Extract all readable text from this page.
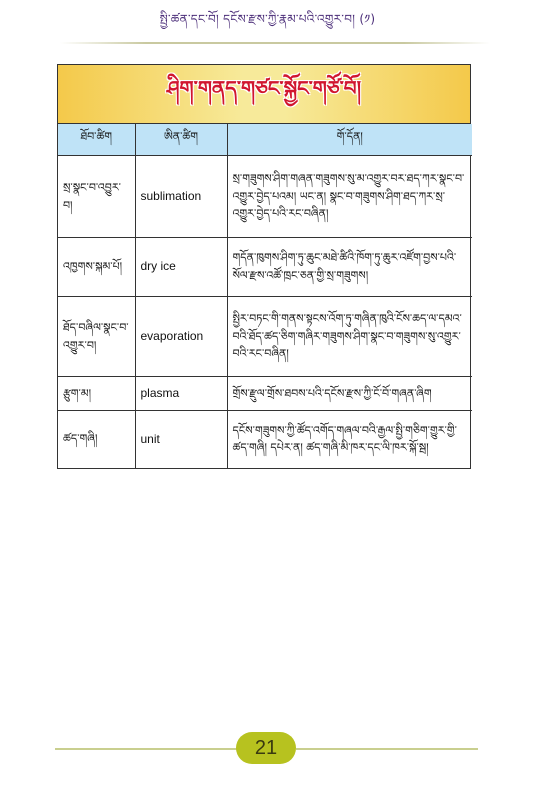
སྤྱི་ཚན་དང་བོ། དངོས་རྫས་ཀྱི་རྣམ་པའི་འགྱུར་བ། (༡)
ཤིག་གནད་གཙང་སྐྱོང་གཙོ་བོ།
ཐོབ་ཚིག	ཨིན་ཚིག	གོ་དོན།
སྲ་སྣང་བ་འབྱུར་བ།	sublimation	སྲ་གཟུགས་ཤིག་གཞན་གཟུགས་སུ་མ་འགྱུར་བར་ཐད་ཀར་སྣང་བ་འགྱུར་བྱེད་པའམ། ཡང་ན། སྣང་བ་གཟུགས་ཤིག་ཐད་ཀར་སྲ་འགྱུར་བྱེད་པའི་རང་བཞིན།
འཁྱགས་སྐམ་པོ།	dry ice	གདོན་ཁུགས་ཤིག་ཏུ་ཆུང་མཐེ་ཚིའི་ཁོག་ཏུ་ཆུར་འཛོག་བྱས་པའི་སོལ་རྫས་འཚོ་ཁྲང་ཅན་གྱི་སྲ་གཟུགས།
ཐོད་བཞིལ་སྣང་བ་འགྱུར་བ།	evaporation	སྤྱིར་བཏང་གི་གནས་སྟངས་འོག་ཏུ་གཞིན་ཁུའི་ངོས་ཆད་ལ་དམའ་བའི་ཐོད་ཚད་ཅིག་གཞིར་གཟུགས་ཤིག་སྣང་བ་གཟུགས་སུ་འགྱུར་བའི་རང་བཞིན།
རྩུག་མ།	plasma	གྲོས་རྫུལ་གྲོས་ཐབས་པའི་དངོས་རྫས་ཀྱི་ངོ་བོ་གཞན་ཞིག
ཚད་གཞི།	unit	དངོས་གཟུགས་ཀྱི་ཚོད་འགོད་གཞལ་བའི་རྒྱལ་སྤྱི་གཅིག་གྱུར་གྱི་ཚད་གཞི། དཔེར་ན། ཚད་གཞི་མི་ཁར་དང་ལི་ཁར་སྐོ་སྦ།
21
